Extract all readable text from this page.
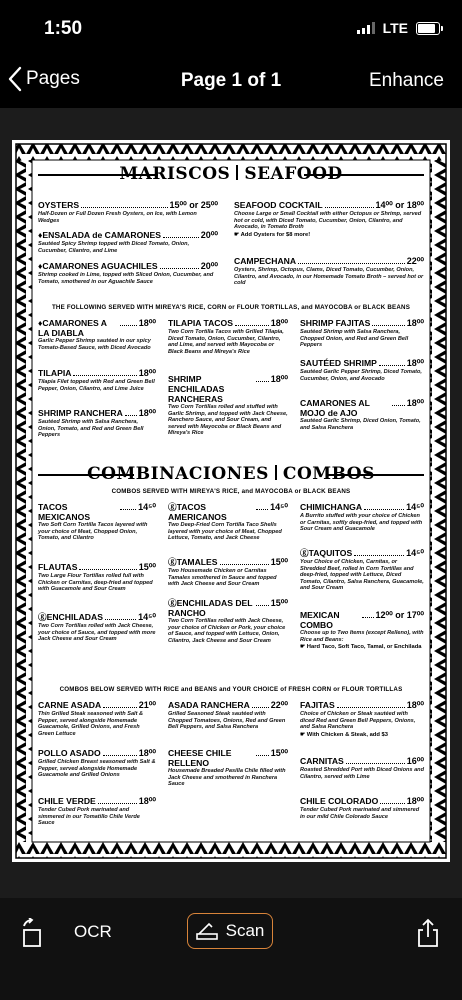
1:50	LTE
Pages	Page 1 of 1	Enhance
MARISCOS SEAFOOD
OYSTERS	15⁰⁰ or 25⁰⁰
Half-Dozen or Full Dozen Fresh Oysters, on Ice, with Lemon Wedges
♦ENSALADA de CAMARONES	20⁰⁰
Sautéed Spicy Shrimp topped with Diced Tomato, Onion, Cucumber, Cilantro, and Lime
♦CAMARONES AGUACHILES	20⁰⁰
Shrimp cooked in Lime, topped with Sliced Onion, Cucumber, and Tomato, smothered in our Aguachile Sauce
SEAFOOD COCKTAIL	14⁰⁰ or 18⁰⁰
Choose Large or Small Cocktail with either Octopus or Shrimp, served hot or cold, with Diced Tomato, Cucumber, Onion, Cilantro, and Avocado, in Tomato Broth
☛ Add Oysters for $8 more!
CAMPECHANA	22⁰⁰
Oysters, Shrimp, Octopus, Clams, Diced Tomato, Cucumber, Onion, Cilantro, and Avocado, in our Homemade Tomato Broth – served hot or cold
THE FOLLOWING SERVED WITH MIREYA'S RICE, CORN or FLOUR TORTILLAS, and MAYOCOBA or BLACK BEANS
♦CAMARONES A LA DIABLA
18⁰⁰
Garlic Pepper Shrimp sautéed in our spicy Tomato-Based Sauce, with Diced Avocado
TILAPIA	18⁰⁰
Tilapia Filet topped with Red and Green Bell Pepper, Onion, Cilantro, and Lime Juice
SHRIMP RANCHERA 18⁰⁰
Sautéed Shrimp with Salsa Ranchera, Onion, Tomato, and Red and Green Bell Peppers
TILAPIA TACOS	18⁰⁰
Two Corn Tortilla Tacos with Grilled Tilapia, Diced Tomato, Onion, Cucumber, Cilantro, and Lime, and served with Mayocoba or Black Beans and Mireya's Rice
SHRIMP ENCHILADAS RANCHERAS
18⁰⁰
Two Corn Tortillas rolled and stuffed with Garlic Shrimp, and topped with Jack Cheese, Ranchero Sauce, and Sour Cream, and served with Mayocoba or Black Beans and Mireya's Rice
SHRIMP FAJITAS	18⁰⁰
Sautéed Shrimp with Salsa Ranchera, Chopped Onion, and Red and Green Bell Peppers
SAUTÉED SHRIMP	18⁰⁰
Sautéed Garlic Pepper Shrimp, Diced Tomato, Cucumber, Onion, and Avocado
CAMARONES AL MOJO de AJO
18⁰⁰
Sautéed Garlic Shrimp, Diced Onion, Tomato, and Salsa Ranchera
COMBINACIONES COMBOS
COMBOS SERVED WITH MIREYA'S RICE, and MAYOCOBA or BLACK BEANS
TACOS MEXICANOS
14⁵⁰
Two Soft Corn Tortilla Tacos layered with your choice of Meat, Chopped Onion, Tomato, and Cilantro
FLAUTAS	15⁰⁰
Two Large Flour Tortillas rolled full with Chicken or Carnitas, deep-fried and topped with Guacamole and Sour Cream
ⓖENCHILADAS	14⁵⁰
Two Corn Tortillas rolled with Jack Cheese, your choice of Sauce, and topped with more Jack Cheese and Sour Cream
ⓖTACOS AMERICANOS
14⁵⁰
Two Deep-Fried Corn Tortilla Taco Shells layered with your choice of Meat, Chopped Lettuce, Tomato, and Jack Cheese
ⓖTAMALES	15⁰⁰
Two Housemade Chicken or Carnitas Tamales smothered in Sauce and topped with Jack Cheese and Sour Cream
ⓖENCHILADAS DEL RANCHO
15⁰⁰
Two Corn Tortillas rolled with Jack Cheese, your choice of Chicken or Pork, your choice of Sauce, and topped with Lettuce, Onion, Cilantro, Jack Cheese and Sour Cream
CHIMICHANGA	14⁵⁰
A Burrito stuffed with your choice of Chicken or Carnitas, softly deep-fried, and topped with Sour Cream and Guacamole
ⓖTAQUITOS	14⁵⁰
Your Choice of Chicken, Carnitas, or Shredded Beef, rolled in Corn Tortillas and deep-fried, topped with Lettuce, Diced Tomato, Cilantro, Salsa Ranchera, Guacamole, and Sour Cream
MEXICAN COMBO
12⁰⁰ or 17⁰⁰
Choose up to Two Items (except Relleno), with Rice and Beans:
☛ Hard Taco, Soft Taco, Tamal, or Enchilada
COMBOS BELOW SERVED WITH RICE and BEANS and YOUR CHOICE of FRESH CORN or FLOUR TORTILLAS
CARNE ASADA	21⁰⁰
Thin Grilled Steak seasoned with Salt & Pepper, served alongside Homemade Guacamole, Grilled Onions, and Fresh Green Lettuce
POLLO ASADO	18⁰⁰
Grilled Chicken Breast seasoned with Salt & Pepper, served alongside Homemade Guacamole and Grilled Onions
CHILE VERDE	18⁰⁰
Tender Cubed Pork marinated and simmered in our Tomatillo Chile Verde Sauce
ASADA RANCHERA 22⁰⁰
Grilled Seasoned Steak sautéed with Chopped Tomatoes, Onions, Red and Green Bell Peppers, and Salsa Ranchera
CHEESE CHILE RELLENO
15⁰⁰
Housemade Breaded Pasilla Chile filled with Jack Cheese and smothered in Ranchera Sauce
FAJITAS	18⁰⁰
Choice of Chicken or Steak sautéed with diced Red and Green Bell Peppers, Onions, and Salsa Ranchera
☛ With Chicken & Steak, add $3
CARNITAS	16⁰⁰
Roasted Shredded Port with Diced Onions and Cilantro, served with Lime
CHILE COLORADO	18⁰⁰
Tender Cubed Pork marinated and simmered in our mild Chile Colorado Sauce
OCR	Scan
